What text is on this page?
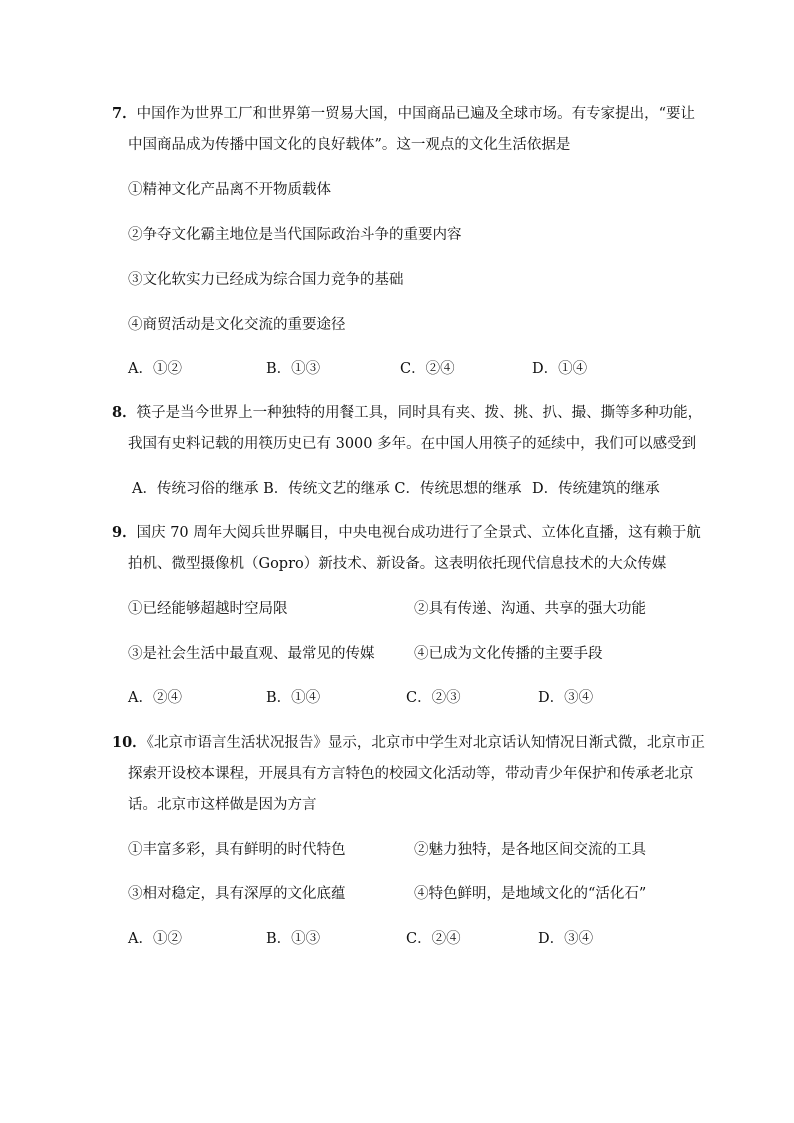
7．中国作为世界工厂和世界第一贸易大国，中国商品已遍及全球市场。有专家提出，“要让
中国商品成为传播中国文化的良好载体”。这一观点的文化生活依据是
①精神文化产品离不开物质载体
②争夺文化霸主地位是当代国际政治斗争的重要内容
③文化软实力已经成为综合国力竞争的基础
④商贸活动是文化交流的重要途径
A．①②	B．①③	C．②④	D．①④
8．筷子是当今世界上一种独特的用餐工具，同时具有夹、拨、挑、扒、撮、撕等多种功能，
我国有史料记载的用筷历史已有 3000 多年。在中国人用筷子的延续中，我们可以感受到
A．传统习俗的继承 B．传统文艺的继承 C．传统思想的继承 D．传统建筑的继承
9．国庆 70 周年大阅兵世界瞩目，中央电视台成功进行了全景式、立体化直播，这有赖于航
拍机、微型摄像机（Gopro）新技术、新设备。这表明依托现代信息技术的大众传媒
①已经能够超越时空局限	②具有传递、沟通、共享的强大功能
③是社会生活中最直观、最常见的传媒	④已成为文化传播的主要手段
A．②④	B．①④	C．②③	D．③④
10．《北京市语言生活状况报告》显示，北京市中学生对北京话认知情况日渐式微，北京市正
探索开设校本课程，开展具有方言特色的校园文化活动等，带动青少年保护和传承老北京
话。北京市这样做是因为方言
①丰富多彩，具有鲜明的时代特色	②魅力独特，是各地区间交流的工具
③相对稳定，具有深厚的文化底蕴	④特色鲜明，是地域文化的“活化石”
A．①②	B．①③	C．②④	D．③④
